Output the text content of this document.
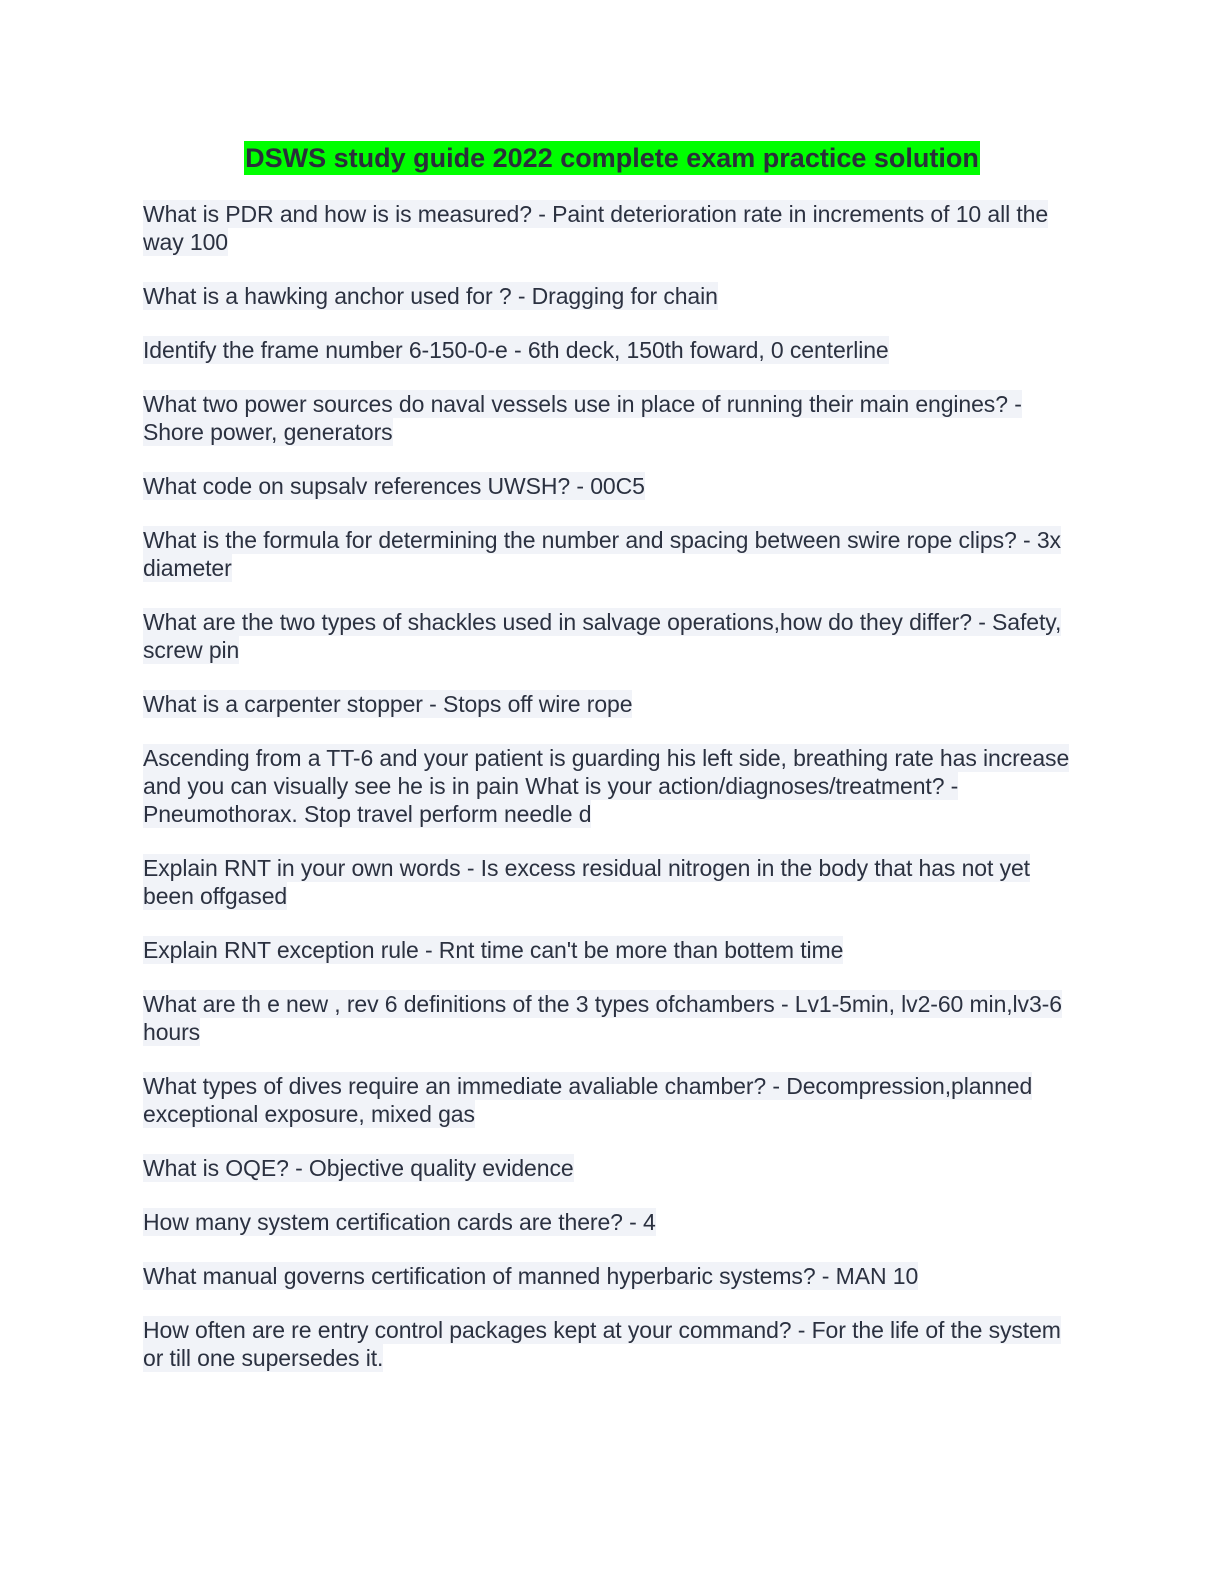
DSWS study guide 2022 complete exam practice solution

What is PDR and how is is measured? - Paint deterioration rate in increments of 10 all the way 100

What is a hawking anchor used for ? - Dragging for chain

Identify the frame number 6-150-0-e - 6th deck, 150th foward, 0 centerline

What two power sources do naval vessels use in place of running their main engines? - Shore power, generators

What code on supsalv references UWSH? - 00C5

What is the formula for determining the number and spacing between swire rope clips? - 3x diameter

What are the two types of shackles used in salvage operations,how do they differ? - Safety, screw pin

What is a carpenter stopper - Stops off wire rope

Ascending from a TT-6 and your patient is guarding his left side, breathing rate has increase and you can visually see he is in pain What is your action/diagnoses/treatment? - Pneumothorax. Stop travel perform needle d

Explain RNT in your own words - Is excess residual nitrogen in the body that has not yet been offgased

Explain RNT exception rule - Rnt time can't be more than bottem time

What are th e new , rev 6 definitions of the 3 types ofchambers - Lv1-5min, lv2-60 min,lv3-6 hours

What types of dives require an immediate avaliable chamber? - Decompression,planned exceptional exposure, mixed gas

What is OQE? - Objective quality evidence

How many system certification cards are there? - 4

What manual governs certification of manned hyperbaric systems? - MAN 10

How often are re entry control packages kept at your command? - For the life of the system or till one supersedes it.
